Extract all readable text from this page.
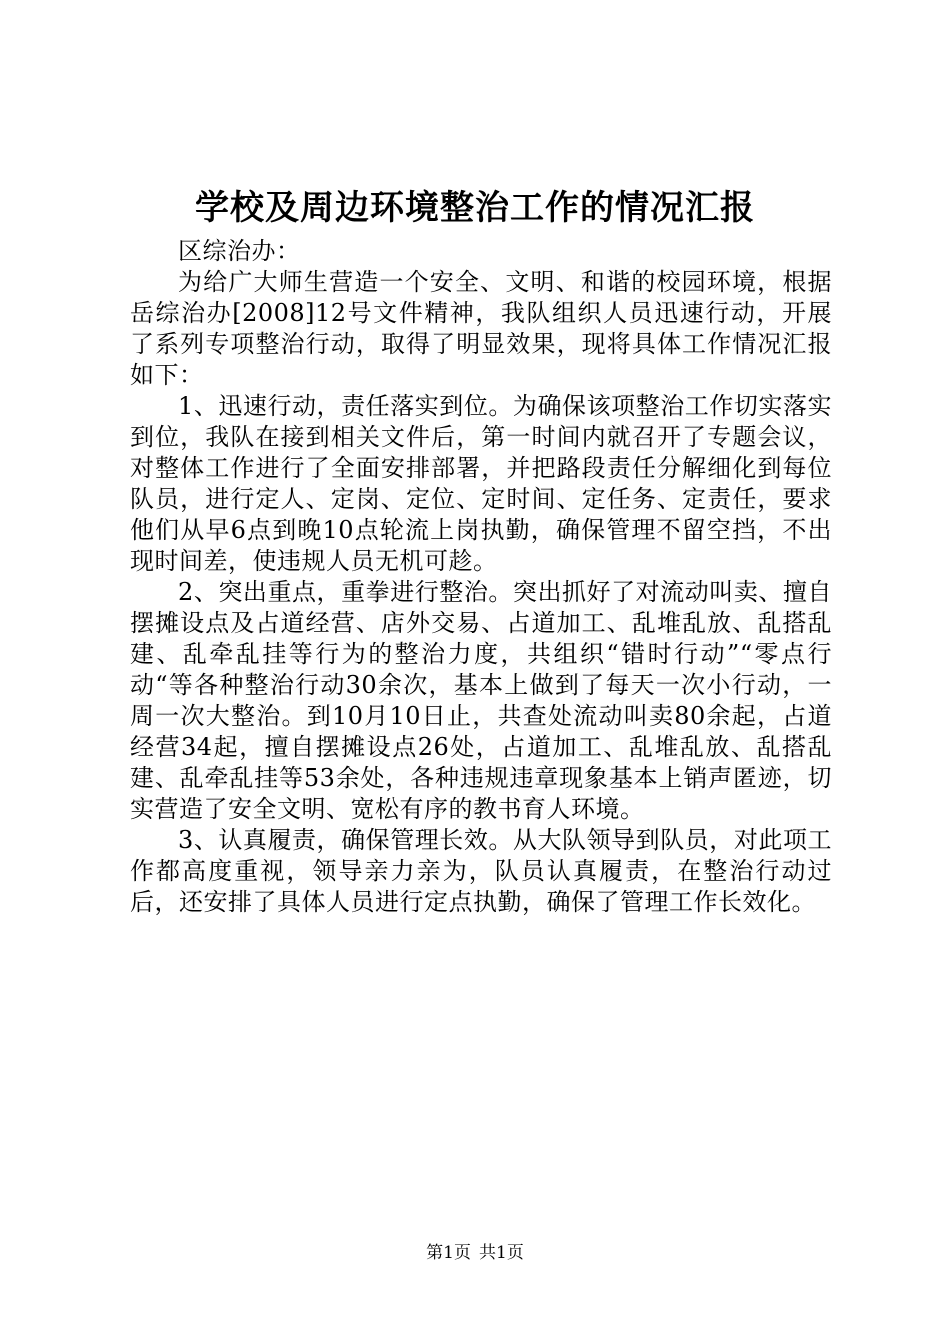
学校及周边环境整治工作的情况汇报

区综治办：

为给广大师生营造一个安全、文明、和谐的校园环境，根据岳综治办[2008]12号文件精神，我队组织人员迅速行动，开展了系列专项整治行动，取得了明显效果，现将具体工作情况汇报如下：

1、迅速行动，责任落实到位。为确保该项整治工作切实落实到位，我队在接到相关文件后，第一时间内就召开了专题会议，对整体工作进行了全面安排部署，并把路段责任分解细化到每位队员，进行定人、定岗、定位、定时间、定任务、定责任，要求他们从早6点到晚10点轮流上岗执勤，确保管理不留空挡，不出现时间差，使违规人员无机可趁。

2、突出重点，重拳进行整治。突出抓好了对流动叫卖、擅自摆摊设点及占道经营、店外交易、占道加工、乱堆乱放、乱搭乱建、乱牵乱挂等行为的整治力度，共组织“错时行动”“零点行动“等各种整治行动30余次，基本上做到了每天一次小行动，一周一次大整治。到10月10日止，共查处流动叫卖80余起，占道经营34起，擅自摆摊设点26处，占道加工、乱堆乱放、乱搭乱建、乱牵乱挂等53余处，各种违规违章现象基本上销声匿迹，切实营造了安全文明、宽松有序的教书育人环境。

3、认真履责，确保管理长效。从大队领导到队员，对此项工作都高度重视，领导亲力亲为，队员认真履责，在整治行动过后，还安排了具体人员进行定点执勤，确保了管理工作长效化。

第1页 共1页
